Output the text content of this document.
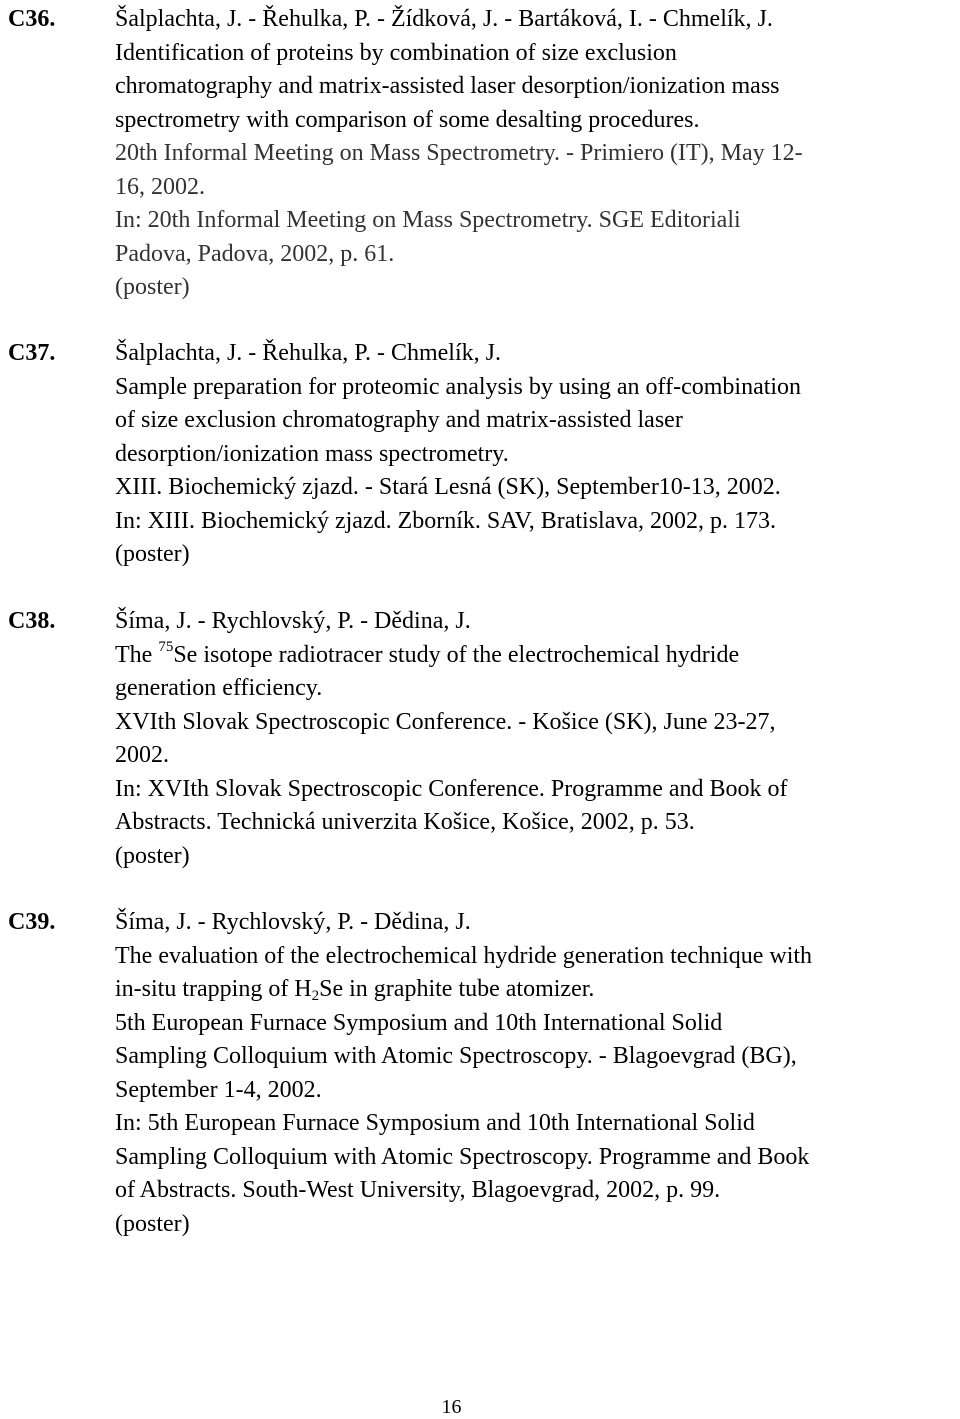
C36. Šalplachta, J. - Řehulka, P. - Žídková, J. - Bartáková, I. - Chmelík, J.
Identification of proteins by combination of size exclusion
chromatography and matrix-assisted laser desorption/ionization mass
spectrometry with comparison of some desalting procedures.
20th Informal Meeting on Mass Spectrometry. - Primiero (IT), May 12-
16, 2002.
In: 20th Informal Meeting on Mass Spectrometry. SGE Editoriali
Padova, Padova, 2002, p. 61.
(poster)
C37. Šalplachta, J. - Řehulka, P. - Chmelík, J.
Sample preparation for proteomic analysis by using an off-combination
of size exclusion chromatography and matrix-assisted laser
desorption/ionization mass spectrometry.
XIII. Biochemický zjazd. - Stará Lesná (SK), September10-13, 2002.
In: XIII. Biochemický zjazd. Zborník. SAV, Bratislava, 2002, p. 173.
(poster)
C38. Šíma, J. - Rychlovský, P. - Dědina, J.
The $^{75}$Se isotope radiotracer study of the electrochemical hydride
generation efficiency.
XVIth Slovak Spectroscopic Conference. - Košice (SK), June 23-27,
2002.
In: XVIth Slovak Spectroscopic Conference. Programme and Book of
Abstracts. Technická univerzita Košice, Košice, 2002, p. 53.
(poster)
C39. Šíma, J. - Rychlovský, P. - Dědina, J.
The evaluation of the electrochemical hydride generation technique with
in-situ trapping of $H_2Se$ in graphite tube atomizer.
5th European Furnace Symposium and 10th International Solid
Sampling Colloquium with Atomic Spectroscopy. - Blagoevgrad (BG),
September 1-4, 2002.
In: 5th European Furnace Symposium and 10th International Solid
Sampling Colloquium with Atomic Spectroscopy. Programme and Book
of Abstracts. South-West University, Blagoevgrad, 2002, p. 99.
(poster)
16
